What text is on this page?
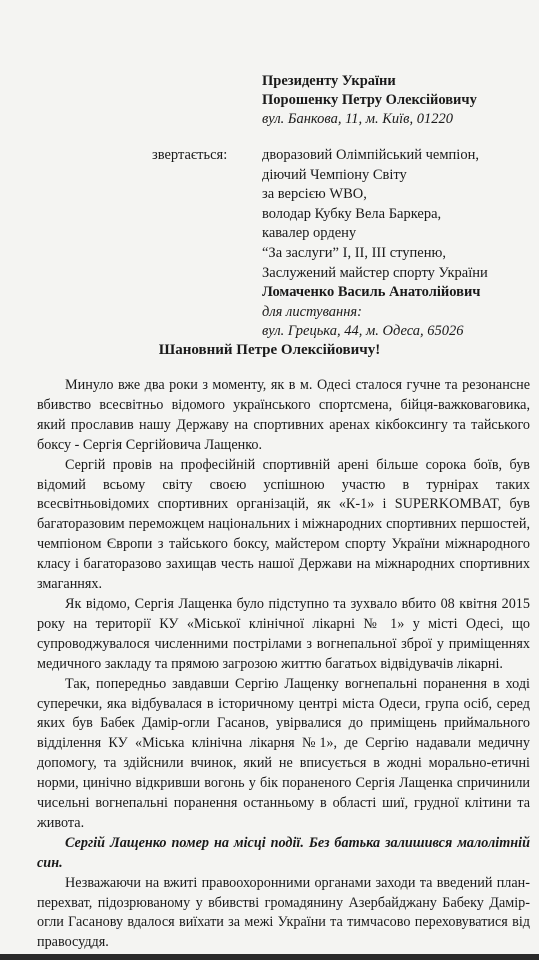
Президенту України
Порошенку Петру Олексійовичу
вул. Банкова, 11, м. Київ, 01220
звертається: дворазовий Олімпійський чемпіон,
діючий Чемпіону Світу
за версією WBO,
володар Кубку Вела Баркера,
кавалер ордену
“За заслуги” І, ІІ, ІІІ ступеню,
Заслужений майстер спорту України
Ломаченко Василь Анатолійович
для листування:
вул. Грецька, 44, м. Одеса, 65026
Шановний Петре Олексійовичу!

Минуло вже два роки з моменту, як в м. Одесі сталося гучне та резонансне вбивство всесвітньо відомого українського спортсмена, бійця-важковаговика, який прославив нашу Державу на спортивних аренах кікбоксингу та тайського боксу - Сергія Сергійовича Лащенко.

Сергій провів на професійній спортивній арені більше сорока боїв, був відомий всьому світу своєю успішною участю в турнірах таких всесвітньовідомих спортивних організацій, як «К-1» і SUPERKOMBAT, був багаторазовим переможцем національних і міжнародних спортивних першостей, чемпіоном Європи з тайського боксу, майстером спорту України міжнародного класу і багаторазово захищав честь нашої Держави на міжнародних спортивних змаганнях.

Як відомо, Сергія Лащенка було підступно та зухвало вбито 08 квітня 2015 року на території КУ «Міської клінічної лікарні № 1» у місті Одесі, що супроводжувалося численними пострілами з вогнепальної зброї у приміщеннях медичного закладу та прямою загрозою життю багатьох відвідувачів лікарні.

Так, попередньо завдавши Сергію Лащенку вогнепальні поранення в ході суперечки, яка відбувалася в історичному центрі міста Одеси, група осіб, серед яких був Бабек Дамір-огли Гасанов, увірвалися до приміщень приймального відділення КУ «Міська клінічна лікарня №1», де Сергію надавали медичну допомогу, та здійснили вчинок, який не вписується в жодні морально-етичні норми, цинічно відкривши вогонь у бік пораненого Сергія Лащенка спричинили чисельні вогнепальні поранення останньому в області шиї, грудної клітини та живота.

Сергій Лащенко помер на місці події. Без батька залишився малолітній син.

Незважаючи на вжиті правоохоронними органами заходи та введений план-перехват, підозрюваному у вбивстві громадянину Азербайджану Бабеку Дамір-огли Гасанову вдалося виїхати за межі України та тимчасово переховуватися від правосуддя.
